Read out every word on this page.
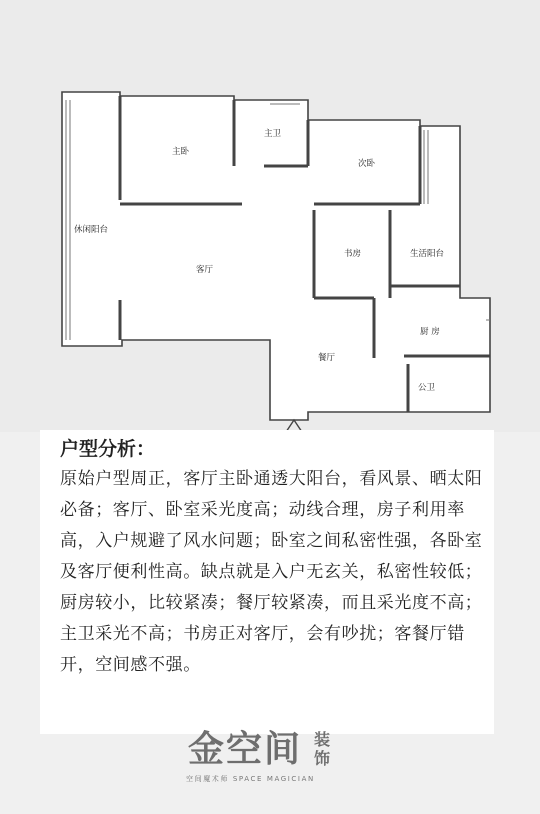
主卧
主卫
次卧
休闲阳台
客厅
书房	生活阳台
厨 房
餐厅
公卫
户型分析：
原始户型周正，客厅主卧通透大阳台，看风景、晒太阳必备；客厅、卧室采光度高；动线合理，房子利用率高，入户规避了风水问题；卧室之间私密性强，各卧室及客厅便利性高。缺点就是入户无玄关，私密性较低；厨房较小，比较紧凑；餐厅较紧凑，而且采光度不高；主卫采光不高；书房正对客厅，会有吵扰；客餐厅错开，空间感不强。
金空间 装饰
空间魔术师 SPACE MAGICIAN
